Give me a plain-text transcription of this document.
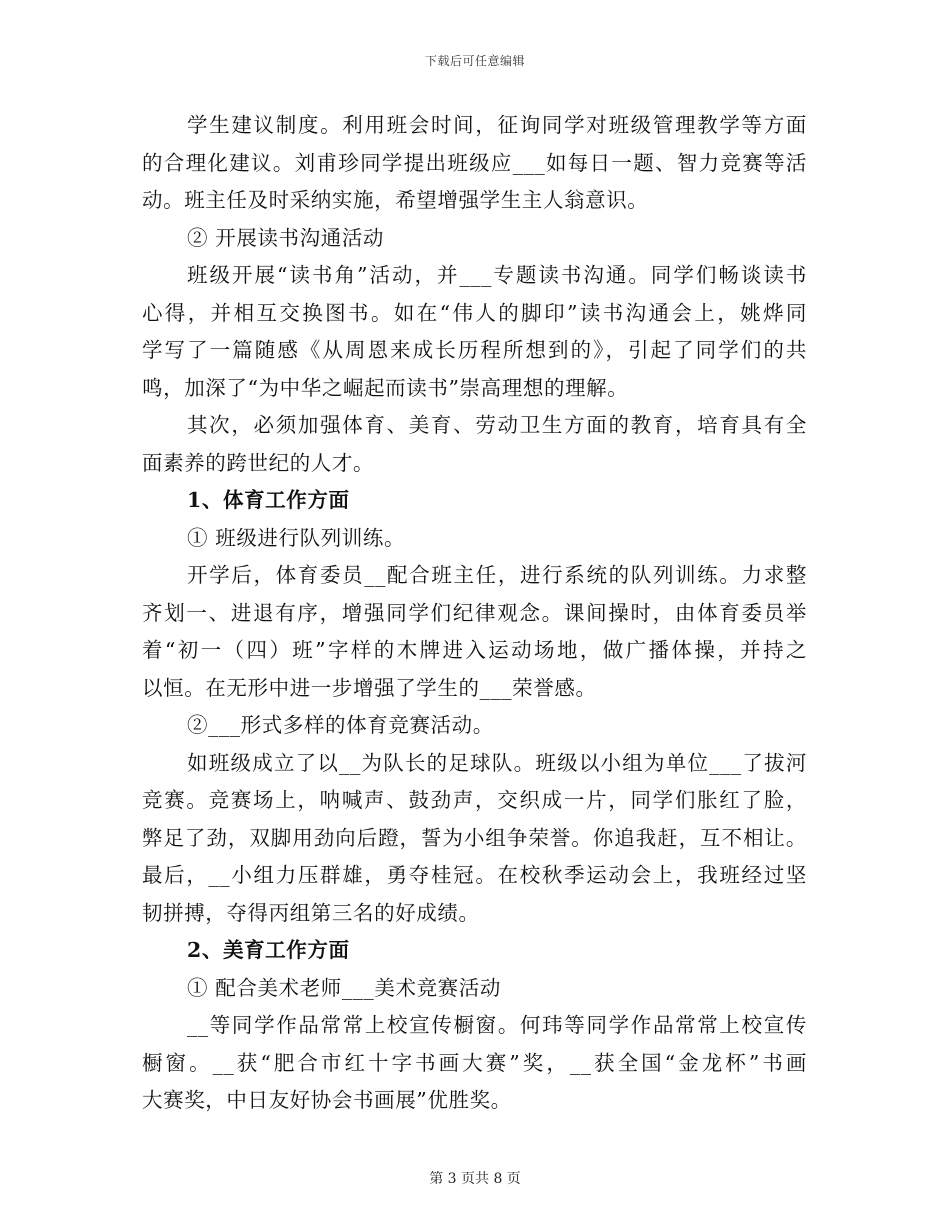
下载后可任意编辑
学生建议制度。利用班会时间，征询同学对班级管理教学等方面
的合理化建议。刘甫珍同学提出班级应___如每日一题、智力竞赛等活
动。班主任及时采纳实施，希望增强学生主人翁意识。
② 开展读书沟通活动
班级开展“读书角”活动，并___专题读书沟通。同学们畅谈读书
心得，并相互交换图书。如在“伟人的脚印”读书沟通会上，姚烨同
学写了一篇随感《从周恩来成长历程所想到的》，引起了同学们的共
鸣，加深了“为中华之崛起而读书”崇高理想的理解。
其次，必须加强体育、美育、劳动卫生方面的教育，培育具有全
面素养的跨世纪的人才。
1、体育工作方面
① 班级进行队列训练。
开学后，体育委员__配合班主任，进行系统的队列训练。力求整
齐划一、进退有序，增强同学们纪律观念。课间操时，由体育委员举
着“初一（四）班”字样的木牌进入运动场地，做广播体操，并持之
以恒。在无形中进一步增强了学生的___荣誉感。
②___形式多样的体育竞赛活动。
如班级成立了以__为队长的足球队。班级以小组为单位___了拔河
竞赛。竞赛场上，呐喊声、鼓劲声，交织成一片，同学们胀红了脸，
弊足了劲，双脚用劲向后蹬，誓为小组争荣誉。你追我赶，互不相让。
最后，__小组力压群雄，勇夺桂冠。在校秋季运动会上，我班经过坚
韧拼搏，夺得丙组第三名的好成绩。
2、美育工作方面
① 配合美术老师___美术竞赛活动
__等同学作品常常上校宣传橱窗。何玮等同学作品常常上校宣传
橱窗。__获“肥合市红十字书画大赛”奖，__获全国“金龙杯”书画
大赛奖，中日友好协会书画展”优胜奖。
第 3 页共 8 页
